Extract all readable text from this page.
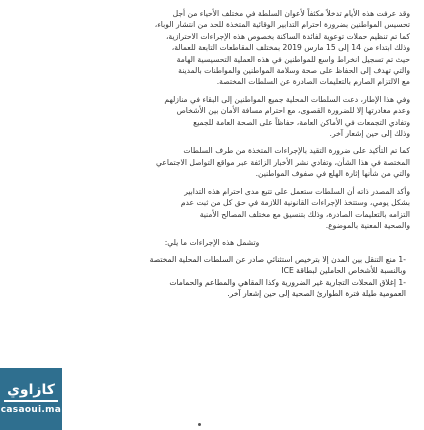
وقد عرفت هذه الأيام تدخلاً مكثفاً لأعوان السلطة في مختلف الأحياء من أجل
تحسيس المواطنين بضرورة احترام التدابير الوقائية المتخذة للحد من انتشار الوباء،
كما تم تنظيم حملات توعوية لفائدة الساكنة بخصوص هذه الإجراءات الاحترازية،
وذلك ابتداء من 14 إلى 15 مارس 2019 بمختلف المقاطعات التابعة للعمالة،
حيث تم تسجيل انخراط واسع للمواطنين في هذه العملية التحسيسية الهامة
والتي تهدف إلى الحفاظ على صحة وسلامة المواطنين والمواطنات بالمدينة
مع الالتزام الصارم بالتعليمات الصادرة عن السلطات المختصة.
وفي هذا الإطار، دعت السلطات المحلية جميع المواطنين إلى البقاء في منازلهم
وعدم مغادرتها إلا للضرورة القصوى، مع احترام مسافة الأمان بين الأشخاص
وتفادي التجمعات في الأماكن العامة، حفاظاً على الصحة العامة للجميع
وذلك إلى حين إشعار آخر.
كما تم التأكيد على ضرورة التقيد بالإجراءات المتخذة من طرف السلطات
المختصة في هذا الشأن، وتفادي نشر الأخبار الزائفة عبر مواقع التواصل الاجتماعي
والتي من شأنها إثارة الهلع في صفوف المواطنين.
وأكد المصدر ذاته أن السلطات ستعمل على تتبع مدى احترام هذه التدابير
بشكل يومي، وستتخذ الإجراءات القانونية اللازمة في حق كل من ثبت عدم
التزامه بالتعليمات الصادرة، وذلك بتنسيق مع مختلف المصالح الأمنية
والصحية المعنية بالموضوع.
وتشمل هذه الإجراءات ما يلي:
-1 منع التنقل بين المدن إلا بترخيص استثنائي صادر عن السلطات المحلية المختصة
وبالنسبة للأشخاص الحاملين لبطاقة ICE
-1 إغلاق المحلات التجارية غير الضرورية وكذا المقاهي والمطاعم والحمامات
العمومية طيلة فترة الطوارئ الصحية إلى حين إشعار آخر.
كازاوي
casaoui.ma
